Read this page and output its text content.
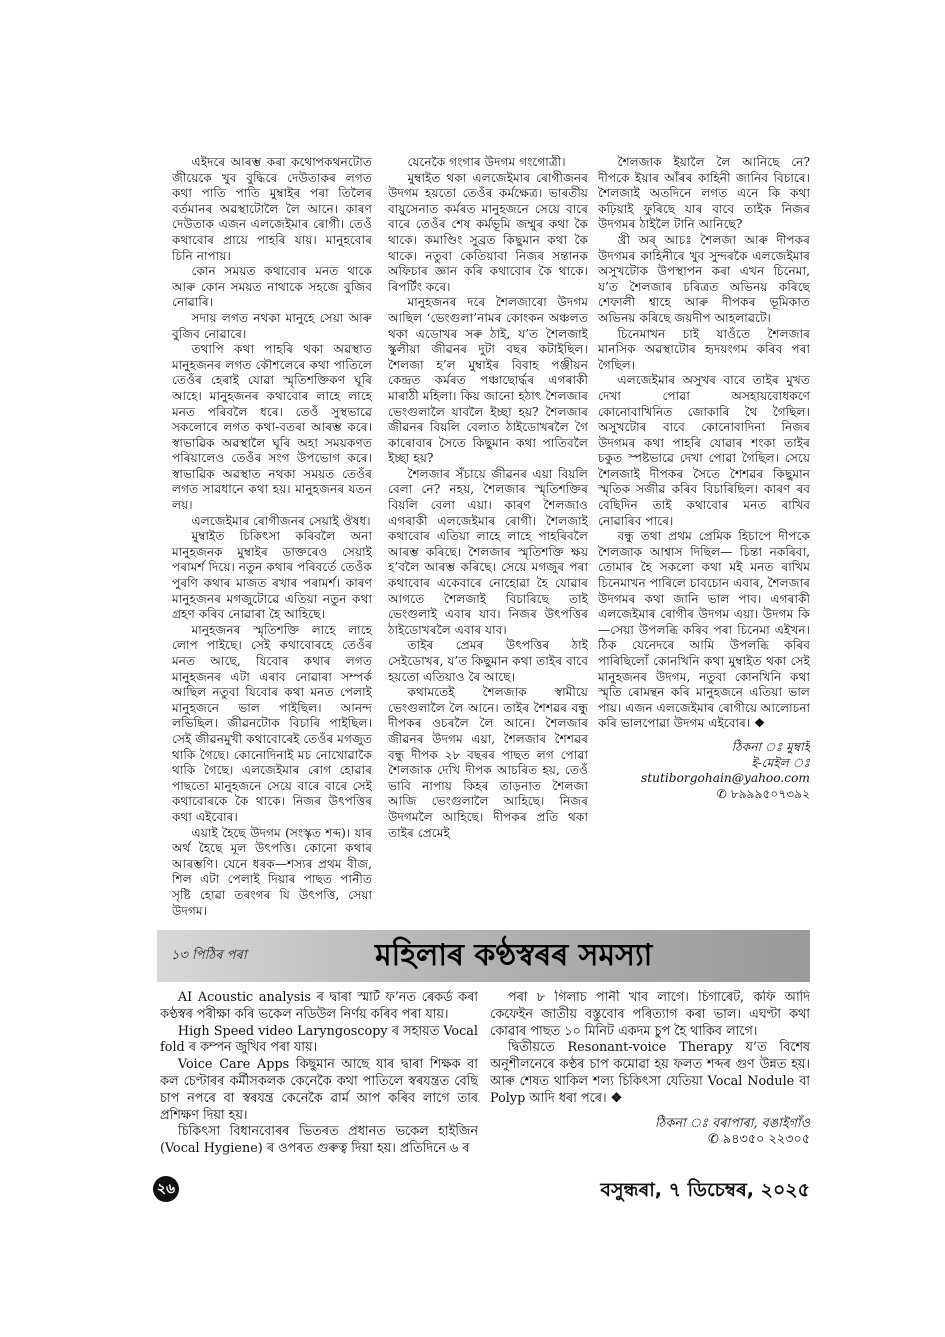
এইদৰে আৰম্ভ কৰা কথোপকথনটোত জীয়েকে খুব বুদ্ধিৰে দেউতাকৰ লগত কথা পাতি পাতি মুম্বাইৰ পৰা তিলৈৰ বৰ্তমানৰ অৱস্থাটোলৈ লৈ আনে। কাৰণ দেউতাক এজন এলজেইমাৰ ৰোগী। তেওঁ কথাবোৰ প্ৰায়ে পাহৰি যায়। মানুহবোৰ চিনি নাপায়।

কোন সময়ত কথাবোৰ মনত থাকে আৰু কোন সময়ত নাথাকে সহজে বুজিব নোৱাৰি।

সদায় লগত নথকা মানুহে সেয়া আৰু বুজিব নোৱাৰে।

তথাপি কথা পাহৰি থকা অৱস্থাত মানুহজনৰ লগত কৌশলেৰে কথা পাতিলে তেওঁৰ হেৰাই যোৱা স্মৃতিশক্তিকণ ঘূৰি আহে। মানুহজনৰ কথাবোৰ লাহে লাহে মনত পৰিবলৈ ধৰে। তেওঁ সুস্থভাৱে সকলোৰে লগত কথা-বতৰা আৰম্ভ কৰে। স্বাভাৱিক অৱস্থালৈ ঘূৰি অহা সময়কণত পৰিয়ালেও তেওঁৰ সংগ উপভোগ কৰে। স্বাভাৱিক অৱস্থাত নথকা সময়ত তেওঁৰ লগত সাৱধানে কথা হয়। মানুহজনৰ যতন লয়।

এলজেইমাৰ ৰোগীজনৰ সেয়াই ঔষধ।

মুম্বাইত চিকিৎসা কৰিবলৈ অনা মানুহজনক মুম্বাইৰ ডাক্তৰেও সেয়াই পৰামৰ্শ দিয়ে। নতুন কথাৰ পৰিবৰ্তে তেওঁক পুৰণি কথাৰ মাজত ৰখাৰ পৰামৰ্শ। কাৰণ মানুহজনৰ মগজুটোৱে এতিয়া নতুন কথা গ্ৰহণ কৰিব নোৱাৰা হৈ আহিছে।

মানুহজনৰ স্মৃতিশক্তি লাহে লাহে লোপ পাইছে। সেই কথাবোৰহে তেওঁৰ মনত আছে, যিবোৰ কথাৰ লগত মানুহজনৰ এটা এৰাব নোৱাৰা সম্পৰ্ক আছিল নতুবা যিবোৰ কথা মনত পেলাই মানুহজনে ভাল পাইছিল। আনন্দ লভিছিল। জীৱনটোক বিচাৰি পাইছিল। সেই জীৱনমুখী কথাবোৰেই তেওঁৰ মগজুত থাকি গৈছে। কোনোদিনাই মচ নোখোৱাকৈ থাকি গৈছে। এলজেইমাৰ ৰোগ হোৱাৰ পাছতো মানুহজনে সেয়ে বাৰে বাৰে সেই কথাবোৰকে কৈ থাকে। নিজৰ উৎপত্তিৰ কথা এইবোৰ।

এয়াই হৈছে উদগম (সংস্কৃত শব্দ)। যাৰ অৰ্থ হৈছে মূল উৎপত্তি। কোনো কথাৰ আৰম্ভণি। যেনে ধৰক—শস্যৰ প্ৰথম বীজ, শিল এটা পেলাই দিয়াৰ পাছত পানীত সৃষ্টি হোৱা তৰংগৰ যি উৎপত্তি, সেয়া উদগম।

যেনেকৈ গংগাৰ উদগম গংগোত্ৰী।

মুম্বাইত থকা এলজেইমাৰ ৰোগীজনৰ উদগম হয়তো তেওঁৰ কৰ্মক্ষেত্ৰ। ভাৰতীয় বায়ুসেনাত কৰ্মৰত মানুহজনে সেয়ে বাৰে বাৰে তেওঁৰ শেষ কৰ্মভূমি জম্মুৰ কথা কৈ থাকে। কমাণ্ডিং সুব্ৰত কিছুমান কথা কৈ থাকে। নতুবা কেতিয়াবা নিজৰ সন্তানক অফিচাৰ জ্ঞান কৰি কথাবোৰ কৈ থাকে। ৰিপৰ্টিং কৰে।

মানুহজনৰ দৰে শৈলজাৰো উদগম আছিল ‘ভেংগুলা’নামৰ কোংকন অঞ্চলত থকা এডোখৰ সৰু ঠাই, য’ত শৈলজাই স্কুলীয়া জীৱনৰ দুটা বছৰ কটাইছিল। শৈলজা হ’ল মুম্বাইৰ বিবাহ পঞ্জীয়ন কেন্দ্ৰত কৰ্মৰত পঞ্চাছোৰ্দ্ধৰ এগৰাকী মাৰাঠী মহিলা। কিয় জানো হঠাৎ শৈলজাৰ ভেংগুলালৈ যাবলৈ ইচ্ছা হয়? শৈলজাৰ জীৱনৰ বিয়লি বেলাত ঠাইডোখৰলৈ গৈ কাৰোবাৰ সৈতে কিছুমান কথা পাতিবলৈ ইচ্ছা হয়?

শৈলজাৰ সঁচায়ে জীৱনৰ এয়া বিয়লি বেলা নে? নহয়, শৈলজাৰ স্মৃতিশক্তিৰ বিয়লি বেলা এয়া। কাৰণ শৈলজাও এগৰাকী এলজেইমাৰ ৰোগী। শৈলজাই কথাবোৰ এতিয়া লাহে লাহে পাহৰিবলৈ আৰম্ভ কৰিছে। শৈলজাৰ স্মৃতিশক্তি ক্ষয় হ’বলৈ আৰম্ভ কৰিছে। সেয়ে মগজুৰ পৰা কথাবোৰ একেবাৰে নোহোৱা হৈ যোৱাৰ আগতে শৈলজাই বিচাৰিছে তাই ভেংগুলাই এবাৰ যাব। নিজৰ উৎপত্তিৰ ঠাইডোখৰলৈ এবাৰ যাব।

তাইৰ প্ৰেমৰ উৎপত্তিৰ ঠাই সেইডোখৰ, য’ত কিছুমান কথা তাইৰ বাবে হয়তো এতিয়াও ৰৈ আছে।

কথামতেই শৈলজাক স্বামীয়ে ভেংগুলালৈ লৈ আনে। তাইৰ শৈশৱৰ বন্ধু দীপকৰ ওচৰলৈ লৈ আনে। শৈলজাৰ জীৱনৰ উদগম এয়া, শৈলজাৰ শৈশৱৰ বন্ধু দীপক ২৮ বছৰৰ পাছত লগ পোৱা শৈলজাক দেখি দীপক আচৰিত হয়, তেওঁ ভাবি নাপায় কিহৰ তাড়নাত শৈলজা আজি ভেংগুলালৈ আহিছে। নিজৰ উদগমলৈ আহিছে। দীপকৰ প্ৰতি থকা তাইৰ প্ৰেমেই

শৈলজাক ইয়ালৈ লৈ আনিছে নে? দীপকে ইয়াৰ আঁৰৰ কাহিনী জানিব বিচাৰে। শৈলজাই অতদিনে লগত এনে কি কথা কঢ়িয়াই ফুৰিছে যাৰ বাবে তাইক নিজৰ উদগমৰ ঠাইলৈ টানি আনিছে?

খ্ৰী অৰ্ আচঃ শৈলজা আৰু দীপকৰ উদগমৰ কাহিনীৰে খুব সুন্দৰকৈ এলজেইমাৰ অসুখটোক উপস্থাপন কৰা এখন চিনেমা, য’ত শৈলজাৰ চৰিত্ৰত অভিনয় কৰিছে শেফালী শ্বাহে আৰু দীপকৰ ভূমিকাত অভিনয় কৰিছে জয়দীপ আহলাৱটে।

চিনেমাখন চাই যাওঁতে শৈলজাৰ মানসিক অৱস্থাটোৰ হৃদয়ংগম কৰিব পৰা গৈছিল।

এলজেইমাৰ অসুখৰ বাবে তাইৰ মুখত দেখা পোৱা অসহায়বোধকণে কোনোবাখিনিত জোকাৰি থৈ গৈছিল। অসুখটোৰ বাবে কোনোবাদিনা নিজৰ উদগমৰ কথা পাহৰি যোৱাৰ শংকা তাইৰ চকুত স্পষ্টভাৱে দেখা পোৱা গৈছিল। সেয়ে শৈলজাই দীপকৰ সৈতে শৈশৱৰ কিছুমান স্মৃতিক সজীৱ কৰিব বিচাৰিছিল। কাৰণ ৰব বেছিদিন তাই কথাবোৰ মনত ৰাখিব নোৱাৰিব পাৰে।

বন্ধু তথা প্ৰথম প্ৰেমিক হিচাপে দীপকে শৈলজাক আশ্বাস দিছিল— চিন্তা নকৰিবা, তোমাৰ হৈ সকলো কথা মই মনত ৰাখিম চিনেমাখন পাৰিলে চাবচোন এবাৰ, শৈলজাৰ উদগমৰ কথা জানি ভাল পাব। এগৰাকী এলজেইমাৰ ৰোগীৰ উদগম এয়া। উদগম কি—সেয়া উপলব্ধি কৰিব পৰা চিনেমা এইখন। ঠিক যেনেদৰে আমি উপলব্ধি কৰিব পাৰিছিলোঁ কোনখিনি কথা মুম্বাইত থকা সেই মানুহজনৰ উদগম, নতুবা কোনখিনি কথা স্মৃতি ৰোমন্থন কৰি মানুহজনে এতিয়া ভাল পায়। এজন এলজেইমাৰ ৰোগীয়ে আলোচনা কৰি ভালপোৱা উদগম এইবোৰ। ❖

ঠিকনা ঃ মুম্বাই

ই-মেইল ঃ

stutiborgohain@yahoo.com

✆ ৮৯৯৯৫০৭৩৯২

১৩ পিঠিৰ পৰা	মহিলাৰ কণ্ঠস্বৰৰ সমস্যা

AI Acoustic analysis ৰ দ্বাৰা স্মাৰ্ট ফ’নত ৰেকৰ্ড কৰা কণ্ঠস্বৰ পৰীক্ষা কৰি ভকেল নডিউল নিৰ্ণয় কৰিব পৰা যায়।

High Speed video Laryngoscopy ৰ সহায়ত Vocal fold ৰ কম্পন জুখিব পৰা যায়।

Voice Care Apps কিছুমান আছে যাৰ দ্বাৰা শিক্ষক বা কল চেণ্টাৰৰ কৰ্মীসকলক কেনেকৈ কথা পাতিলে স্বৰযন্ত্ৰত বেছি চাপ নপৰে বা স্বৰযন্ত্ৰ কেনেকৈ ৱাৰ্ম আপ কৰিব লাগে তাৰ প্ৰশিক্ষণ দিয়া হয়।

চিকিৎসা বিধানবোৰৰ ভিতৰত প্ৰধানত ভকেল হাইজিন (Vocal Hygiene) ৰ ওপৰত গুৰুত্ব দিয়া হয়। প্ৰতিদিনে ৬ ৰ

পৰা ৮ গিলাচ পানী খাব লাগে। চিগাৰেট, কফি আদি কেফেইন জাতীয় বস্তুবোৰ পৰিত্যাগ কৰা ভাল। এঘণ্টা কথা কোৱাৰ পাছত ১০ মিনিট একদম চুপ হৈ থাকিব লাগে।

দ্বিতীয়তে Resonant-voice Therapy য’ত বিশেষ অনুশীলনেৰে কণ্ঠৰ চাপ কমোৱা হয় ফলত শব্দৰ গুণ উন্নত হয়। আৰু শেষত থাকিল শল্য চিকিৎসা যেতিয়া Vocal Nodule বা Polyp আদি ধৰা পৰে। ❖

ঠিকনা ঃ বৰাপাৰা, বঙাইগাঁও

✆ ৯৪৩৫০ ২২৩০৫

২৬	বসুন্ধৰা, ৭ ডিচেম্বৰ, ২০২৫
